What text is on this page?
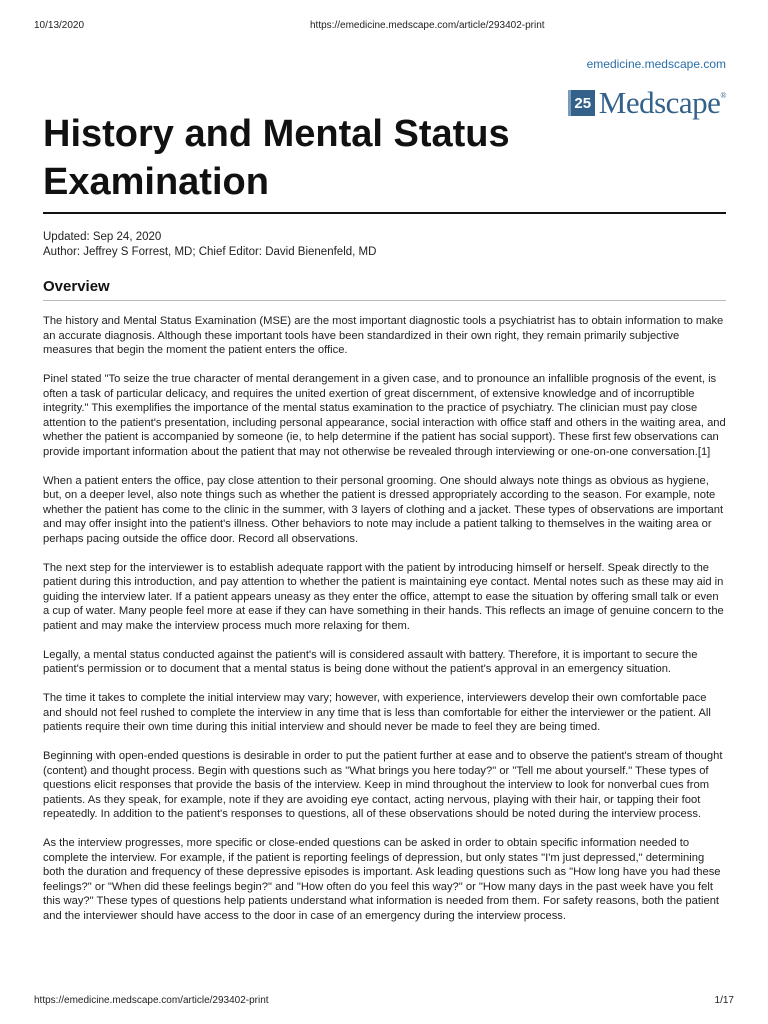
10/13/2020	https://emedicine.medscape.com/article/293402-print
emedicine.medscape.com
25 Medscape®
History and Mental Status Examination
Updated: Sep 24, 2020
Author: Jeffrey S Forrest, MD; Chief Editor: David Bienenfeld, MD
Overview

The history and Mental Status Examination (MSE) are the most important diagnostic tools a psychiatrist has to obtain information to make an accurate diagnosis. Although these important tools have been standardized in their own right, they remain primarily subjective measures that begin the moment the patient enters the office.

Pinel stated "To seize the true character of mental derangement in a given case, and to pronounce an infallible prognosis of the event, is often a task of particular delicacy, and requires the united exertion of great discernment, of extensive knowledge and of incorruptible integrity." This exemplifies the importance of the mental status examination to the practice of psychiatry. The clinician must pay close attention to the patient's presentation, including personal appearance, social interaction with office staff and others in the waiting area, and whether the patient is accompanied by someone (ie, to help determine if the patient has social support). These first few observations can provide important information about the patient that may not otherwise be revealed through interviewing or one-on-one conversation.[1]

When a patient enters the office, pay close attention to their personal grooming. One should always note things as obvious as hygiene, but, on a deeper level, also note things such as whether the patient is dressed appropriately according to the season. For example, note whether the patient has come to the clinic in the summer, with 3 layers of clothing and a jacket. These types of observations are important and may offer insight into the patient's illness. Other behaviors to note may include a patient talking to themselves in the waiting area or perhaps pacing outside the office door. Record all observations.

The next step for the interviewer is to establish adequate rapport with the patient by introducing himself or herself. Speak directly to the patient during this introduction, and pay attention to whether the patient is maintaining eye contact. Mental notes such as these may aid in guiding the interview later. If a patient appears uneasy as they enter the office, attempt to ease the situation by offering small talk or even a cup of water. Many people feel more at ease if they can have something in their hands. This reflects an image of genuine concern to the patient and may make the interview process much more relaxing for them.

Legally, a mental status conducted against the patient's will is considered assault with battery. Therefore, it is important to secure the patient's permission or to document that a mental status is being done without the patient's approval in an emergency situation.

The time it takes to complete the initial interview may vary; however, with experience, interviewers develop their own comfortable pace and should not feel rushed to complete the interview in any time that is less than comfortable for either the interviewer or the patient. All patients require their own time during this initial interview and should never be made to feel they are being timed.

Beginning with open-ended questions is desirable in order to put the patient further at ease and to observe the patient's stream of thought (content) and thought process. Begin with questions such as "What brings you here today?" or "Tell me about yourself." These types of questions elicit responses that provide the basis of the interview. Keep in mind throughout the interview to look for nonverbal cues from patients. As they speak, for example, note if they are avoiding eye contact, acting nervous, playing with their hair, or tapping their foot repeatedly. In addition to the patient's responses to questions, all of these observations should be noted during the interview process.

As the interview progresses, more specific or close-ended questions can be asked in order to obtain specific information needed to complete the interview. For example, if the patient is reporting feelings of depression, but only states "I'm just depressed," determining both the duration and frequency of these depressive episodes is important. Ask leading questions such as "How long have you had these feelings?" or "When did these feelings begin?" and "How often do you feel this way?" or "How many days in the past week have you felt this way?" These types of questions help patients understand what information is needed from them. For safety reasons, both the patient and the interviewer should have access to the door in case of an emergency during the interview process.

https://emedicine.medscape.com/article/293402-print	1/17
